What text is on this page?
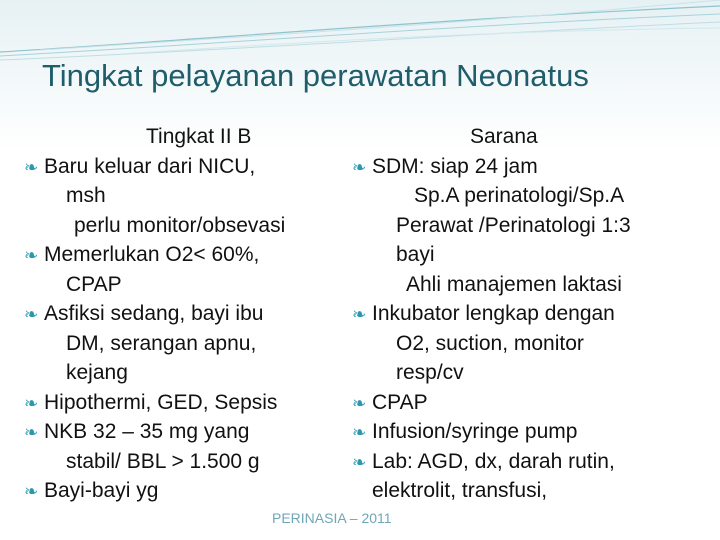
Tingkat pelayanan perawatan Neonatus
Tingkat II B
❧ Baru keluar dari NICU,
msh
perlu monitor/obsevasi
❧ Memerlukan O2< 60%,
CPAP
❧ Asfiksi sedang, bayi ibu
DM, serangan apnu,
kejang
❧ Hipothermi, GED, Sepsis
❧ NKB 32 – 35 mg yang
stabil/ BBL > 1.500 g
❧ Bayi-bayi yg
Sarana
❧ SDM: siap 24 jam
Sp.A perinatologi/Sp.A
Perawat /Perinatologi 1:3
bayi
Ahli manajemen laktasi
❧ Inkubator lengkap dengan
O2, suction, monitor
resp/cv
❧ CPAP
❧ Infusion/syringe pump
❧ Lab: AGD, dx, darah rutin,
elektrolit, transfusi,
PERINASIA – 2011
